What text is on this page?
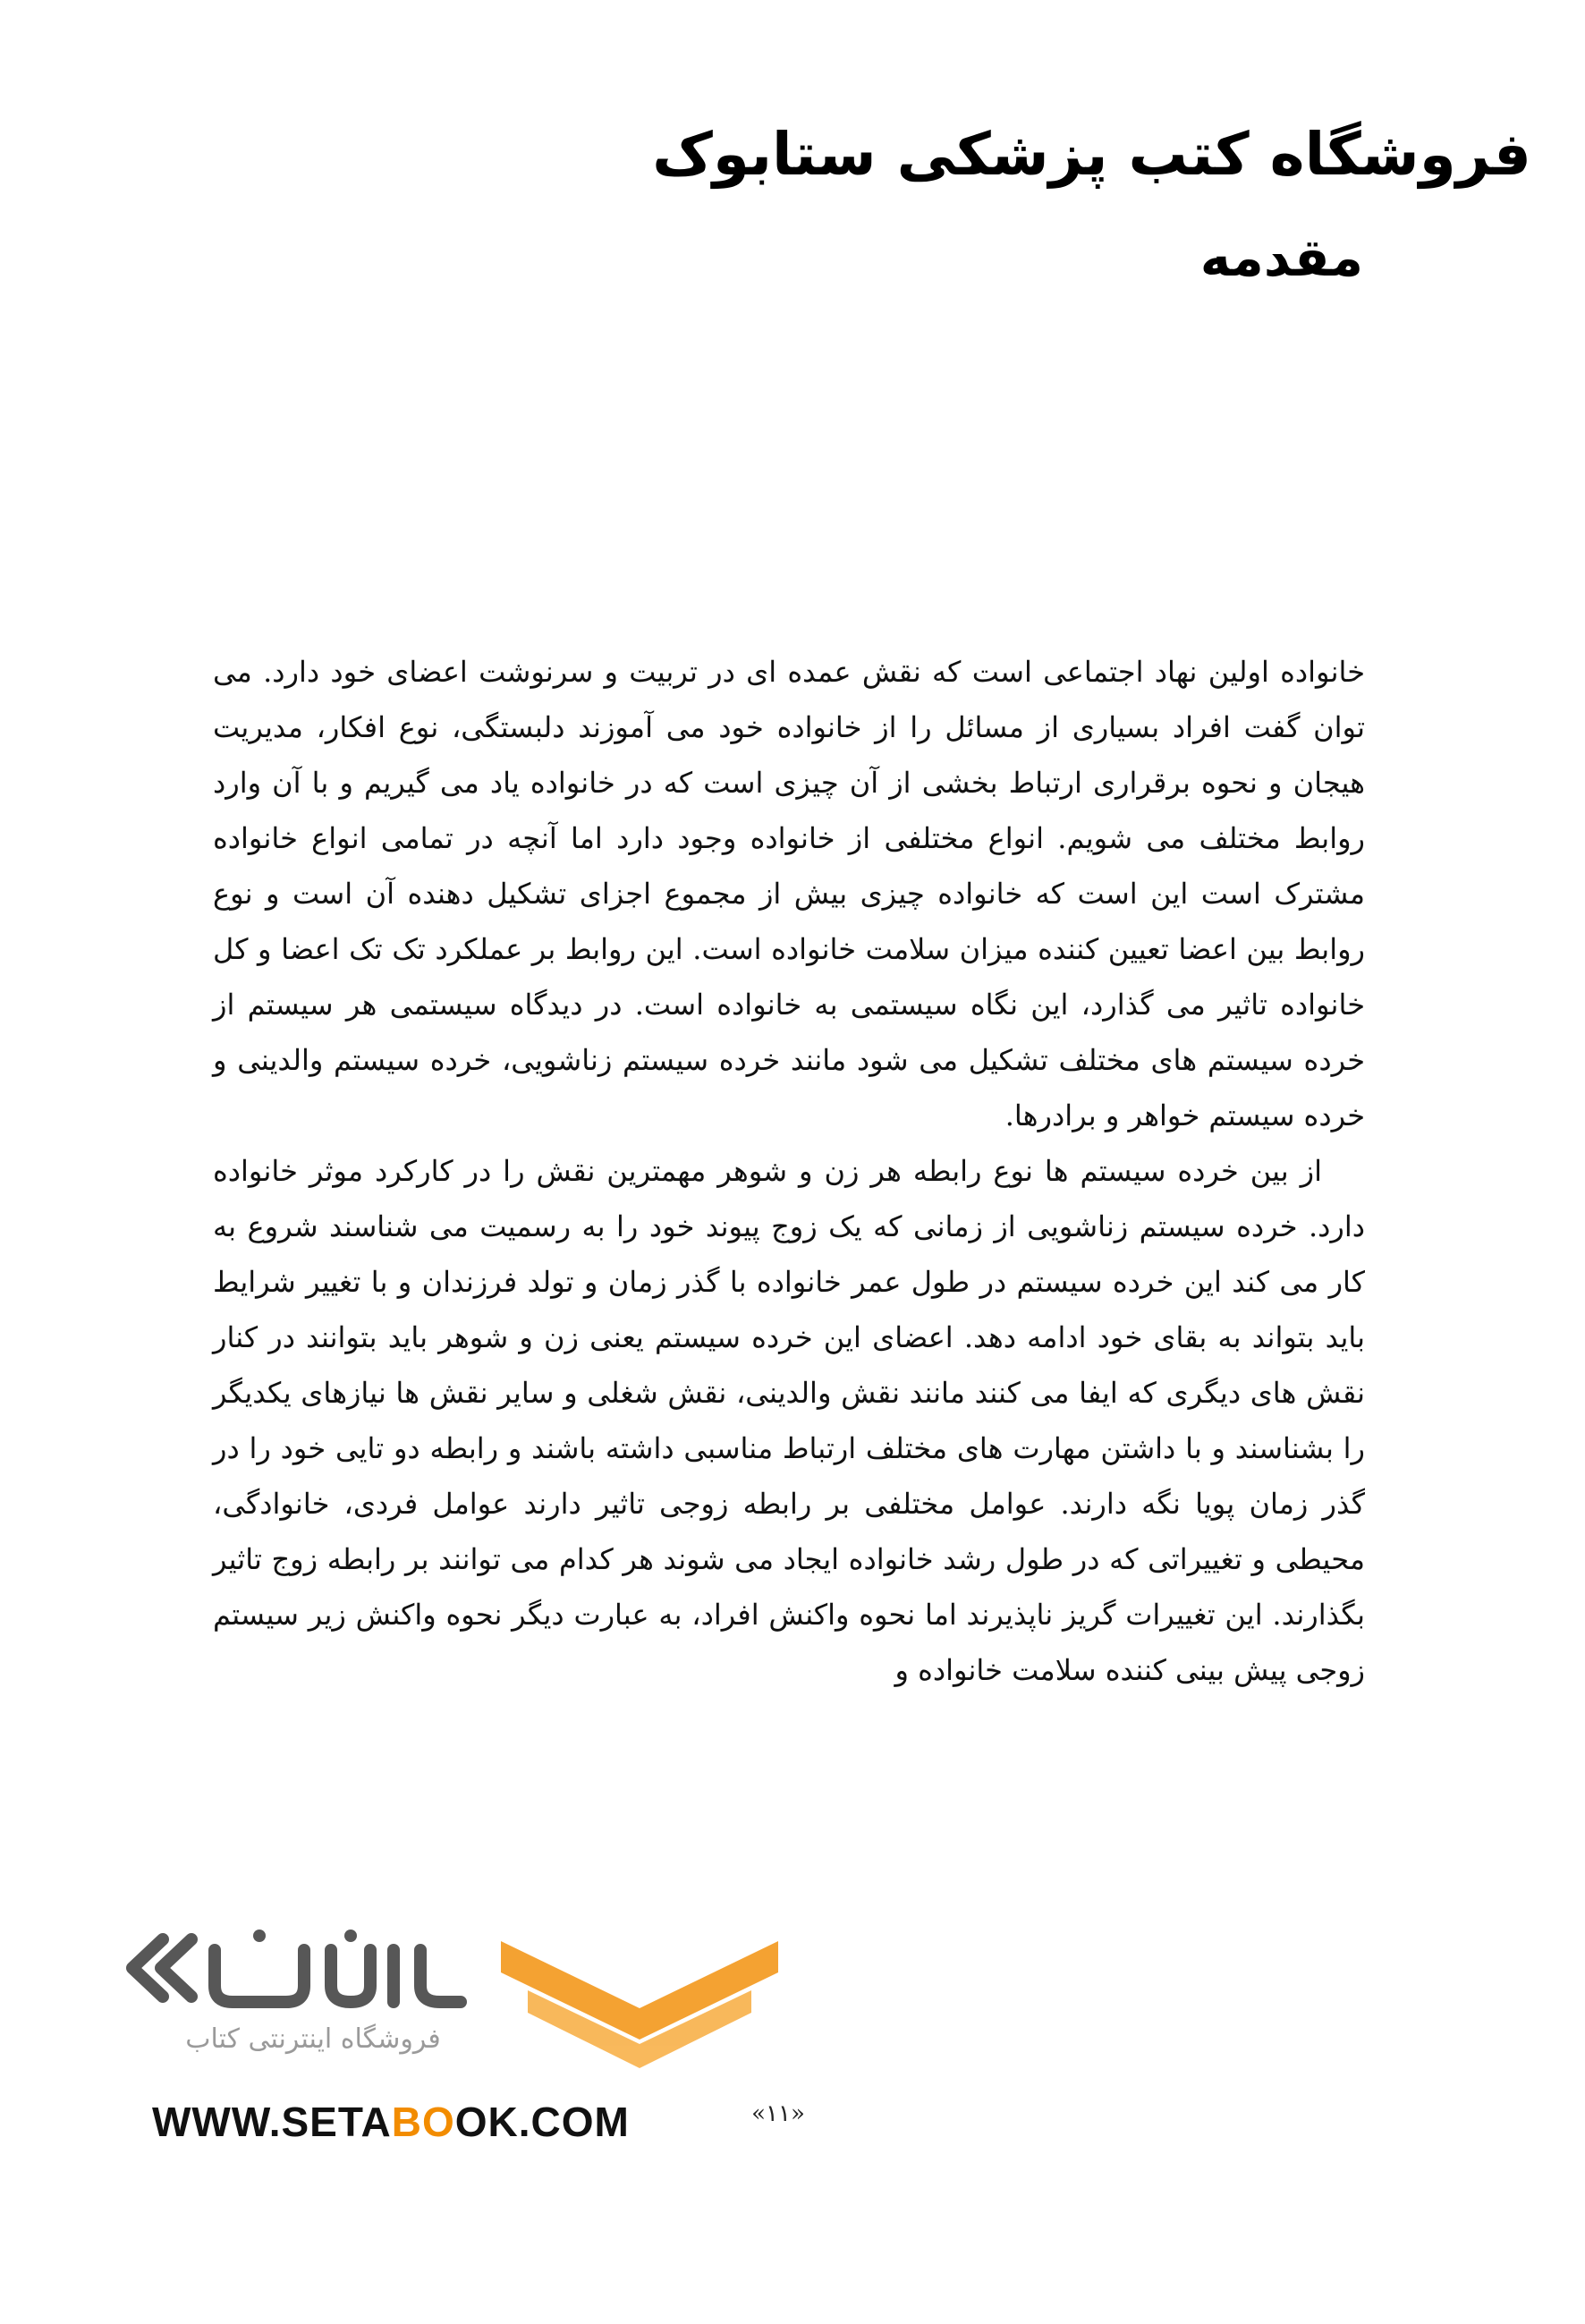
فروشگاه کتب پزشکی ستابوک
مقدمه

خانواده اولین نهاد اجتماعی است که نقش عمده ای در تربیت و سرنوشت اعضای خود دارد. می توان گفت افراد بسیاری از مسائل را از خانواده خود می آموزند دلبستگی، نوع افکار، مدیریت هیجان و نحوه برقراری ارتباط بخشی از آن چیزی است که در خانواده یاد می گیریم و با آن وارد روابط مختلف می شویم. انواع مختلفی از خانواده وجود دارد اما آنچه در تمامی انواع خانواده مشترک است این است که خانواده چیزی بیش از مجموع اجزای تشکیل دهنده آن است و نوع روابط بین اعضا تعیین کننده میزان سلامت خانواده است. این روابط بر عملکرد تک تک اعضا و کل خانواده تاثیر می گذارد، این نگاه سیستمی به خانواده است. در دیدگاه سیستمی هر سیستم از خرده سیستم های مختلف تشکیل می شود مانند خرده سیستم زناشویی، خرده سیستم والدینی و خرده سیستم خواهر و برادرها.

از بین خرده سیستم ها نوع رابطه هر زن و شوهر مهمترین نقش را در کارکرد موثر خانواده دارد. خرده سیستم زناشویی از زمانی که یک زوج پیوند خود را به رسمیت می شناسند شروع به کار می کند این خرده سیستم در طول عمر خانواده با گذر زمان و تولد فرزندان و با تغییر شرایط باید بتواند به بقای خود ادامه دهد. اعضای این خرده سیستم یعنی زن و شوهر باید بتوانند در کنار نقش های دیگری که ایفا می کنند مانند نقش والدینی، نقش شغلی و سایر نقش ها نیازهای یکدیگر را بشناسند و با داشتن مهارت های مختلف ارتباط مناسبی داشته باشند و رابطه دو تایی خود را در گذر زمان پویا نگه دارند. عوامل مختلفی بر رابطه زوجی تاثیر دارند عوامل فردی، خانوادگی، محیطی و تغییراتی که در طول رشد خانواده ایجاد می شوند هر کدام می توانند بر رابطه زوج تاثیر بگذارند. این تغییرات گریز ناپذیرند اما نحوه واکنش افراد، به عبارت دیگر نحوه واکنش زیر سیستم زوجی پیش بینی کننده سلامت خانواده و

فروشگاه اینترنتی کتاب
WWW.SETABOOK.COM	«۱۱»
